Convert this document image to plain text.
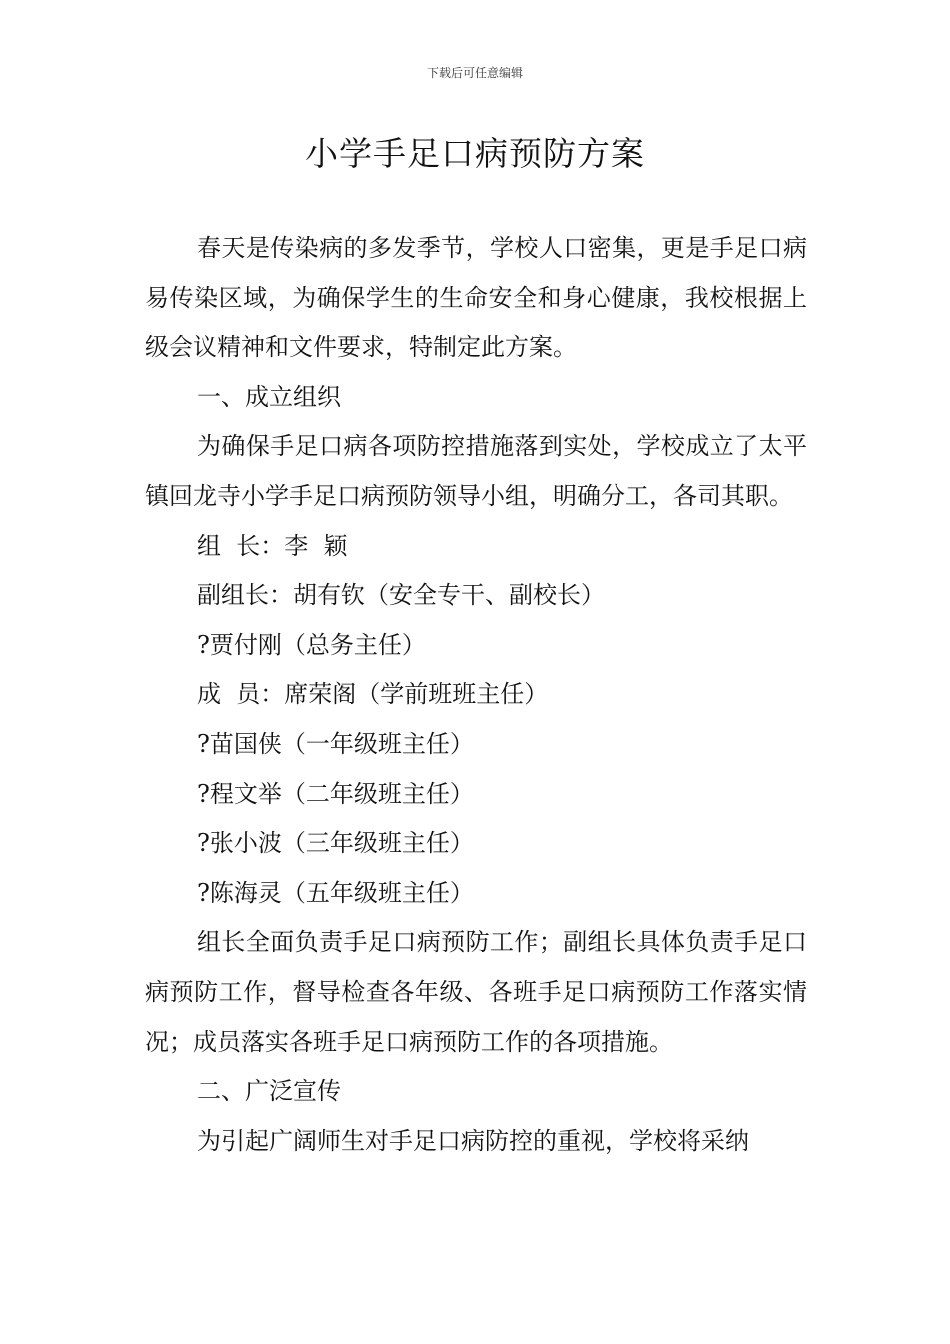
下载后可任意编辑
小学手足口病预防方案

春天是传染病的多发季节，学校人口密集，更是手足口病易传染区域，为确保学生的生命安全和身心健康，我校根据上级会议精神和文件要求，特制定此方案。

一、成立组织

为确保手足口病各项防控措施落到实处，学校成立了太平镇回龙寺小学手足口病预防领导小组，明确分工，各司其职。

组  长：李  颖

副组长：胡有钦（安全专干、副校长）

?贾付刚（总务主任）

成  员：席荣阁（学前班班主任）

?苗国侠（一年级班主任）

?程文举（二年级班主任）

?张小波（三年级班主任）

?陈海灵（五年级班主任）

组长全面负责手足口病预防工作；副组长具体负责手足口病预防工作，督导检查各年级、各班手足口病预防工作落实情况；成员落实各班手足口病预防工作的各项措施。

二、广泛宣传

为引起广阔师生对手足口病防控的重视，学校将采纳
